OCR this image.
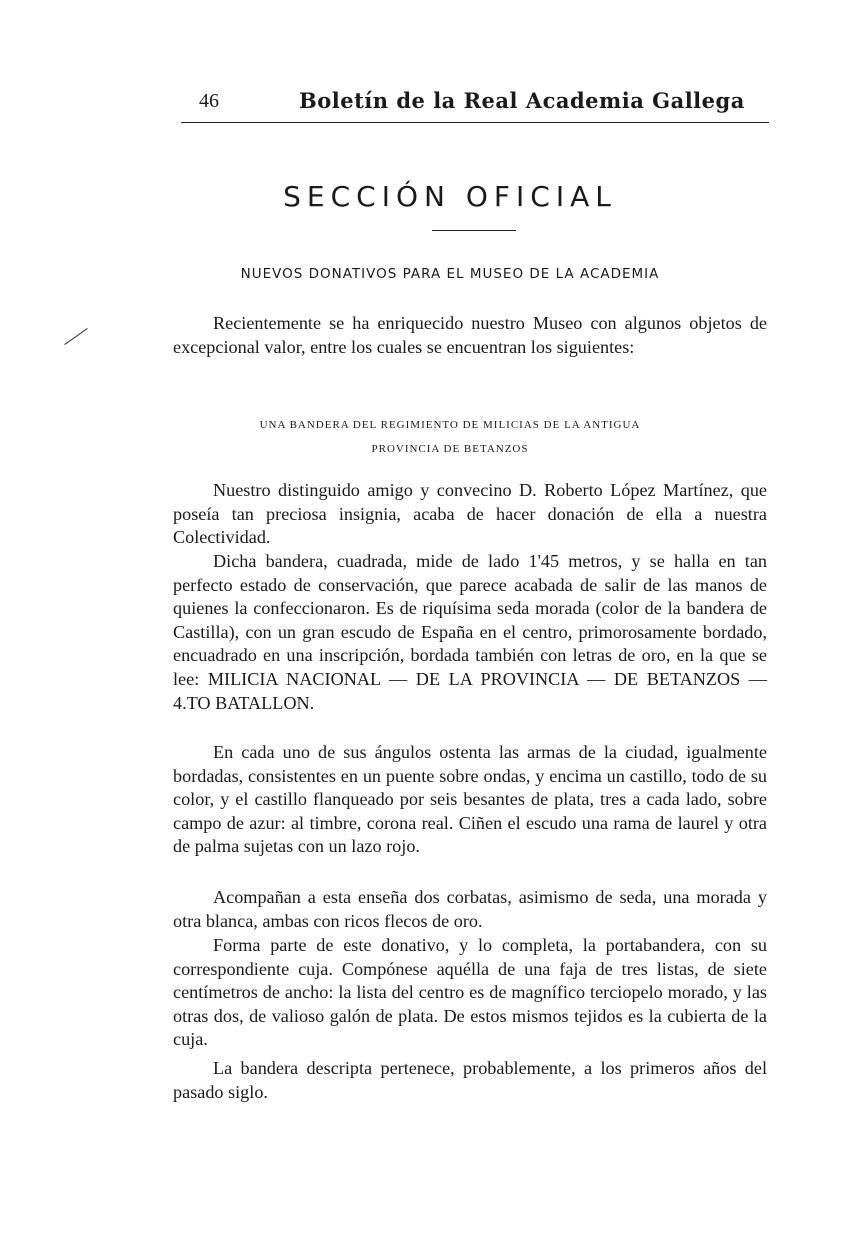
46	Boletín de la Real Academia Gallega
SECCIÓN OFICIAL
NUEVOS DONATIVOS PARA EL MUSEO DE LA ACADEMIA
Recientemente se ha enriquecido nuestro Museo con algunos objetos de excepcional valor, entre los cuales se encuentran los siguientes:
UNA BANDERA DEL REGIMIENTO DE MILICIAS DE LA ANTIGUA
PROVINCIA DE BETANZOS
Nuestro distinguido amigo y convecino D. Roberto López Martínez, que poseía tan preciosa insignia, acaba de hacer donación de ella a nuestra Colectividad.
Dicha bandera, cuadrada, mide de lado 1'45 metros, y se halla en tan perfecto estado de conservación, que parece acabada de salir de las manos de quienes la confeccionaron. Es de riquísima seda morada (color de la bandera de Castilla), con un gran escudo de España en el centro, primorosamente bordado, encuadrado en una inscripción, bordada también con letras de oro, en la que se lee: MILICIA NACIONAL — DE LA PROVINCIA — DE BETANZOS — 4.TO BATALLON.
En cada uno de sus ángulos ostenta las armas de la ciudad, igualmente bordadas, consistentes en un puente sobre ondas, y encima un castillo, todo de su color, y el castillo flanqueado por seis besantes de plata, tres a cada lado, sobre campo de azur: al timbre, corona real. Ciñen el escudo una rama de laurel y otra de palma sujetas con un lazo rojo.
Acompañan a esta enseña dos corbatas, asimismo de seda, una morada y otra blanca, ambas con ricos flecos de oro.
Forma parte de este donativo, y lo completa, la portabandera, con su correspondiente cuja. Compónese aquélla de una faja de tres listas, de siete centímetros de ancho: la lista del centro es de magnífico terciopelo morado, y las otras dos, de valioso galón de plata. De estos mismos tejidos es la cubierta de la cuja.
La bandera descripta pertenece, probablemente, a los primeros años del pasado siglo.
